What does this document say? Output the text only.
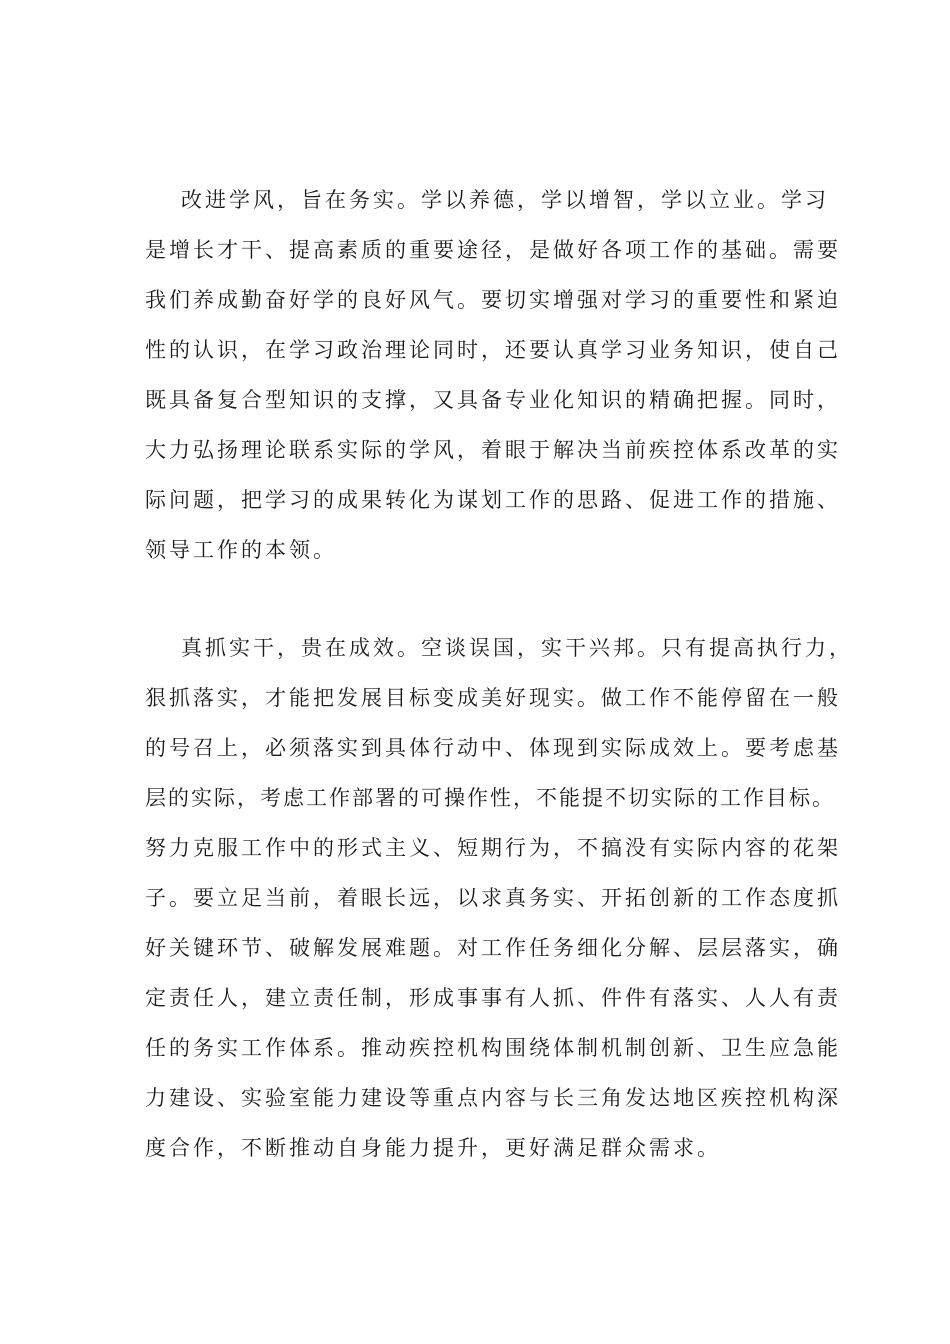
改进学风，旨在务实。学以养德，学以增智，学以立业。学习
是增长才干、提高素质的重要途径，是做好各项工作的基础。需要
我们养成勤奋好学的良好风气。要切实增强对学习的重要性和紧迫
性的认识，在学习政治理论同时，还要认真学习业务知识，使自己
既具备复合型知识的支撑，又具备专业化知识的精确把握。同时，
大力弘扬理论联系实际的学风，着眼于解决当前疾控体系改革的实
际问题，把学习的成果转化为谋划工作的思路、促进工作的措施、
领导工作的本领。
真抓实干，贵在成效。空谈误国，实干兴邦。只有提高执行力，
狠抓落实，才能把发展目标变成美好现实。做工作不能停留在一般
的号召上，必须落实到具体行动中、体现到实际成效上。要考虑基
层的实际，考虑工作部署的可操作性，不能提不切实际的工作目标。
努力克服工作中的形式主义、短期行为，不搞没有实际内容的花架
子。要立足当前，着眼长远，以求真务实、开拓创新的工作态度抓
好关键环节、破解发展难题。对工作任务细化分解、层层落实，确
定责任人，建立责任制，形成事事有人抓、件件有落实、人人有责
任的务实工作体系。推动疾控机构围绕体制机制创新、卫生应急能
力建设、实验室能力建设等重点内容与长三角发达地区疾控机构深
度合作，不断推动自身能力提升，更好满足群众需求。
